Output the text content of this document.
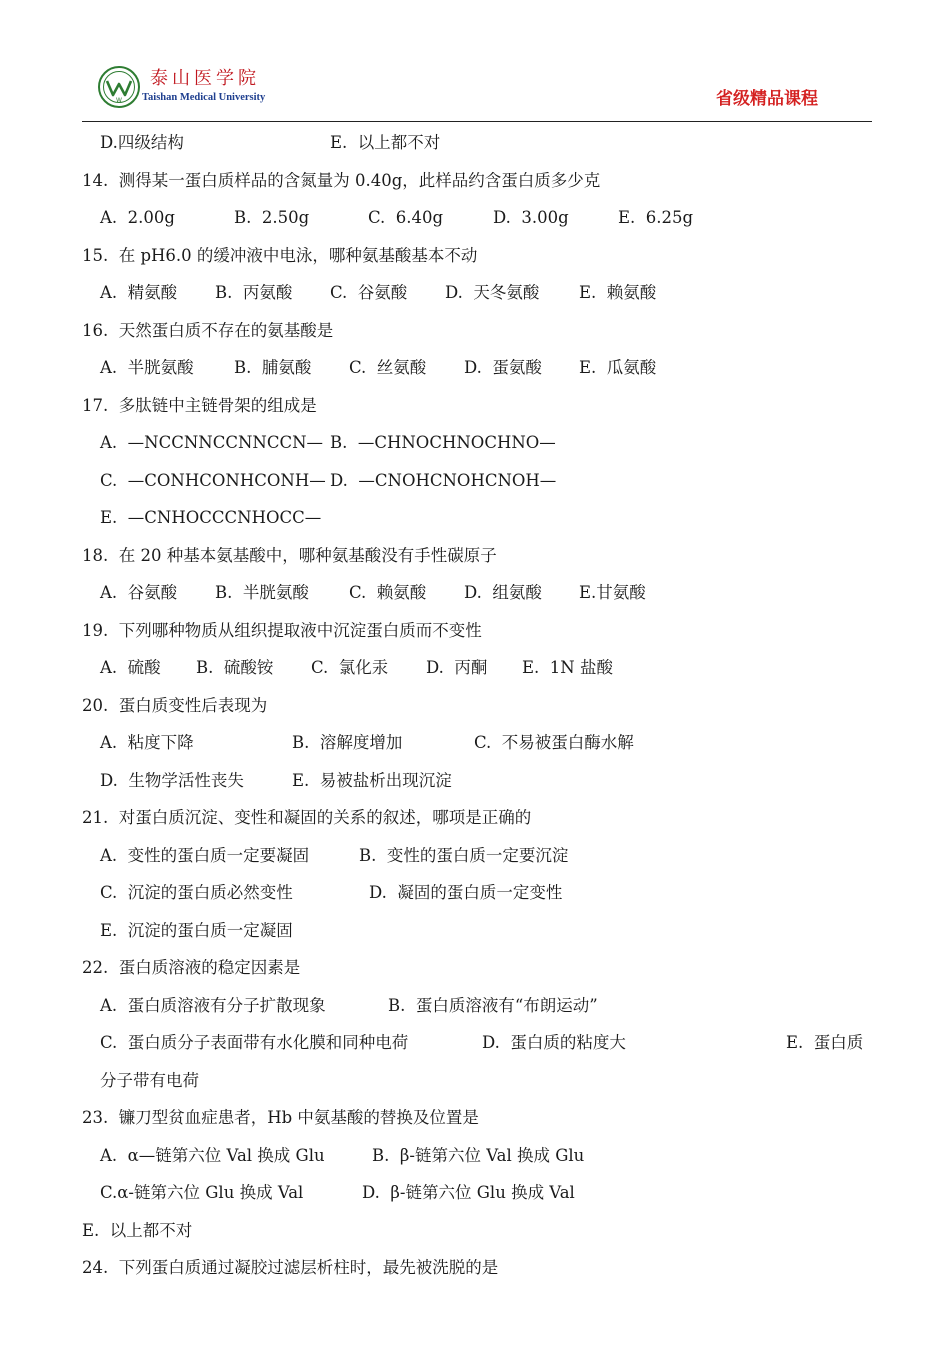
W
泰山医学院
Taishan Medical University	省级精品课程
D.四级结构	E.  以上都不对
14.  测得某一蛋白质样品的含氮量为 0.40g，此样品约含蛋白质多少克
A.  2.00g	B.  2.50g	C.  6.40g	D.  3.00g	E.  6.25g
15.  在 pH6.0 的缓冲液中电泳，哪种氨基酸基本不动
A.  精氨酸	B.  丙氨酸	C.  谷氨酸	D.  天冬氨酸	E.  赖氨酸
16.  天然蛋白质不存在的氨基酸是
A.  半胱氨酸	B.  脯氨酸	C.  丝氨酸	D.  蛋氨酸	E.  瓜氨酸
17.  多肽链中主链骨架的组成是
A.  —NCCNNCCNNCCN— B.  —CHNOCHNOCHNO—
C.  —CONHCONHCONH— D.  —CNOHCNOHCNOH—
E.  —CNHOCCCNHOCC—
18.  在 20 种基本氨基酸中，哪种氨基酸没有手性碳原子
A.  谷氨酸	B.  半胱氨酸	C.  赖氨酸	D.  组氨酸	E.甘氨酸
19.  下列哪种物质从组织提取液中沉淀蛋白质而不变性
A.  硫酸	B.  硫酸铵	C.  氯化汞	D.  丙酮	E.  1N 盐酸
20.  蛋白质变性后表现为
A.  粘度下降	B.  溶解度增加	C.  不易被蛋白酶水解
D.  生物学活性丧失	E.  易被盐析出现沉淀
21.  对蛋白质沉淀、变性和凝固的关系的叙述，哪项是正确的
A.  变性的蛋白质一定要凝固	B.  变性的蛋白质一定要沉淀
C.  沉淀的蛋白质必然变性	D.  凝固的蛋白质一定变性
E.  沉淀的蛋白质一定凝固
22.  蛋白质溶液的稳定因素是
A.  蛋白质溶液有分子扩散现象	B.  蛋白质溶液有“布朗运动”
C.  蛋白质分子表面带有水化膜和同种电荷	D.  蛋白质的粘度大	E.  蛋白质
分子带有电荷
23.  镰刀型贫血症患者，Hb 中氨基酸的替换及位置是
A.  α—链第六位 Val 换成 Glu	B.  β-链第六位 Val 换成 Glu
C.α-链第六位 Glu 换成 Val	D.  β-链第六位 Glu 换成 Val
E.  以上都不对
24.  下列蛋白质通过凝胶过滤层析柱时，最先被洗脱的是
